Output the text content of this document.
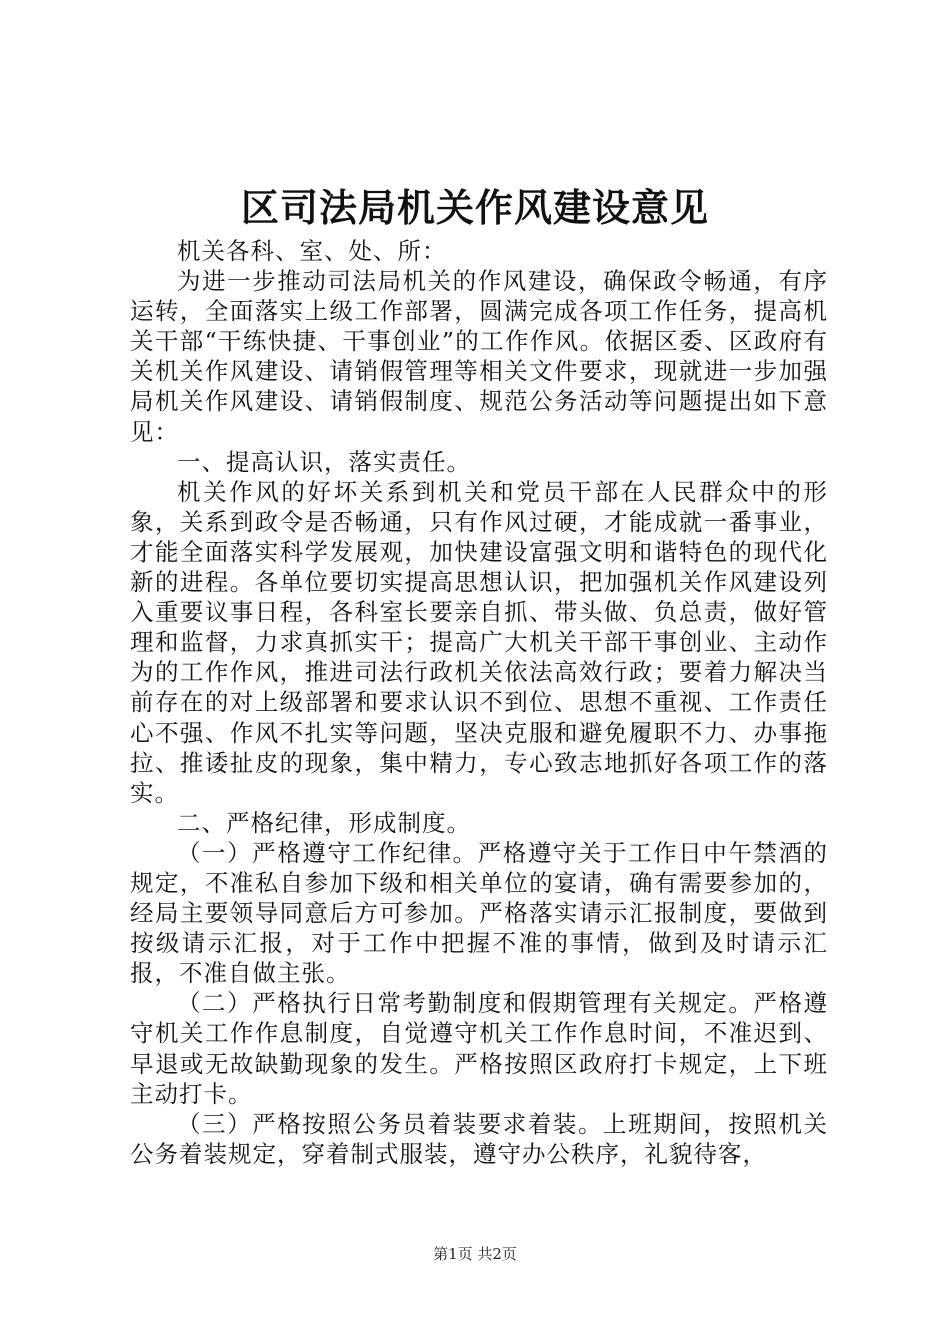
区司法局机关作风建设意见

机关各科、室、处、所：

为进一步推动司法局机关的作风建设，确保政令畅通，有序运转，全面落实上级工作部署，圆满完成各项工作任务，提高机关干部“干练快捷、干事创业”的工作作风。依据区委、区政府有关机关作风建设、请销假管理等相关文件要求，现就进一步加强局机关作风建设、请销假制度、规范公务活动等问题提出如下意见：

一、提高认识，落实责任。

机关作风的好坏关系到机关和党员干部在人民群众中的形象，关系到政令是否畅通，只有作风过硬，才能成就一番事业，才能全面落实科学发展观，加快建设富强文明和谐特色的现代化新的进程。各单位要切实提高思想认识，把加强机关作风建设列入重要议事日程，各科室长要亲自抓、带头做、负总责，做好管理和监督，力求真抓实干；提高广大机关干部干事创业、主动作为的工作作风，推进司法行政机关依法高效行政；要着力解决当前存在的对上级部署和要求认识不到位、思想不重视、工作责任心不强、作风不扎实等问题，坚决克服和避免履职不力、办事拖拉、推诿扯皮的现象，集中精力，专心致志地抓好各项工作的落实。

二、严格纪律，形成制度。

（一）严格遵守工作纪律。严格遵守关于工作日中午禁酒的规定，不准私自参加下级和相关单位的宴请，确有需要参加的，经局主要领导同意后方可参加。严格落实请示汇报制度，要做到按级请示汇报，对于工作中把握不准的事情，做到及时请示汇报，不准自做主张。

（二）严格执行日常考勤制度和假期管理有关规定。严格遵守机关工作作息制度，自觉遵守机关工作作息时间，不准迟到、早退或无故缺勤现象的发生。严格按照区政府打卡规定，上下班主动打卡。

（三）严格按照公务员着装要求着装。上班期间，按照机关公务着装规定，穿着制式服装，遵守办公秩序，礼貌待客，

第1页 共2页
